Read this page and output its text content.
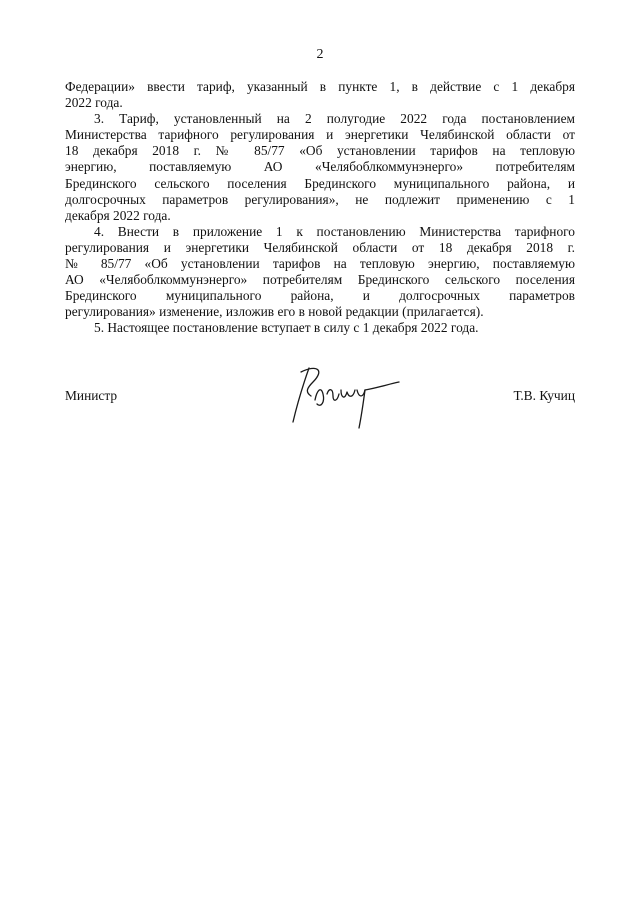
2
Федерации» ввести тариф, указанный в пункте 1, в действие с 1 декабря
2022 года.
3. Тариф, установленный на 2 полугодие 2022 года постановлением
Министерства тарифного регулирования и энергетики Челябинской области от
18 декабря 2018 г. № 85/77 «Об установлении тарифов на тепловую
энергию, поставляемую АО «Челябоблкоммунэнерго» потребителям
Брединского сельского поселения Брединского муниципального района, и
долгосрочных параметров регулирования», не подлежит применению с 1
декабря 2022 года.
4. Внести в приложение 1 к постановлению Министерства тарифного
регулирования и энергетики Челябинской области от 18 декабря 2018 г.
№ 85/77 «Об установлении тарифов на тепловую энергию, поставляемую
АО «Челябоблкоммунэнерго» потребителям Брединского сельского поселения
Брединского муниципального района, и долгосрочных параметров
регулирования» изменение, изложив его в новой редакции (прилагается).
5. Настоящее постановление вступает в силу с 1 декабря 2022 года.
Министр	Т.В. Кучиц
